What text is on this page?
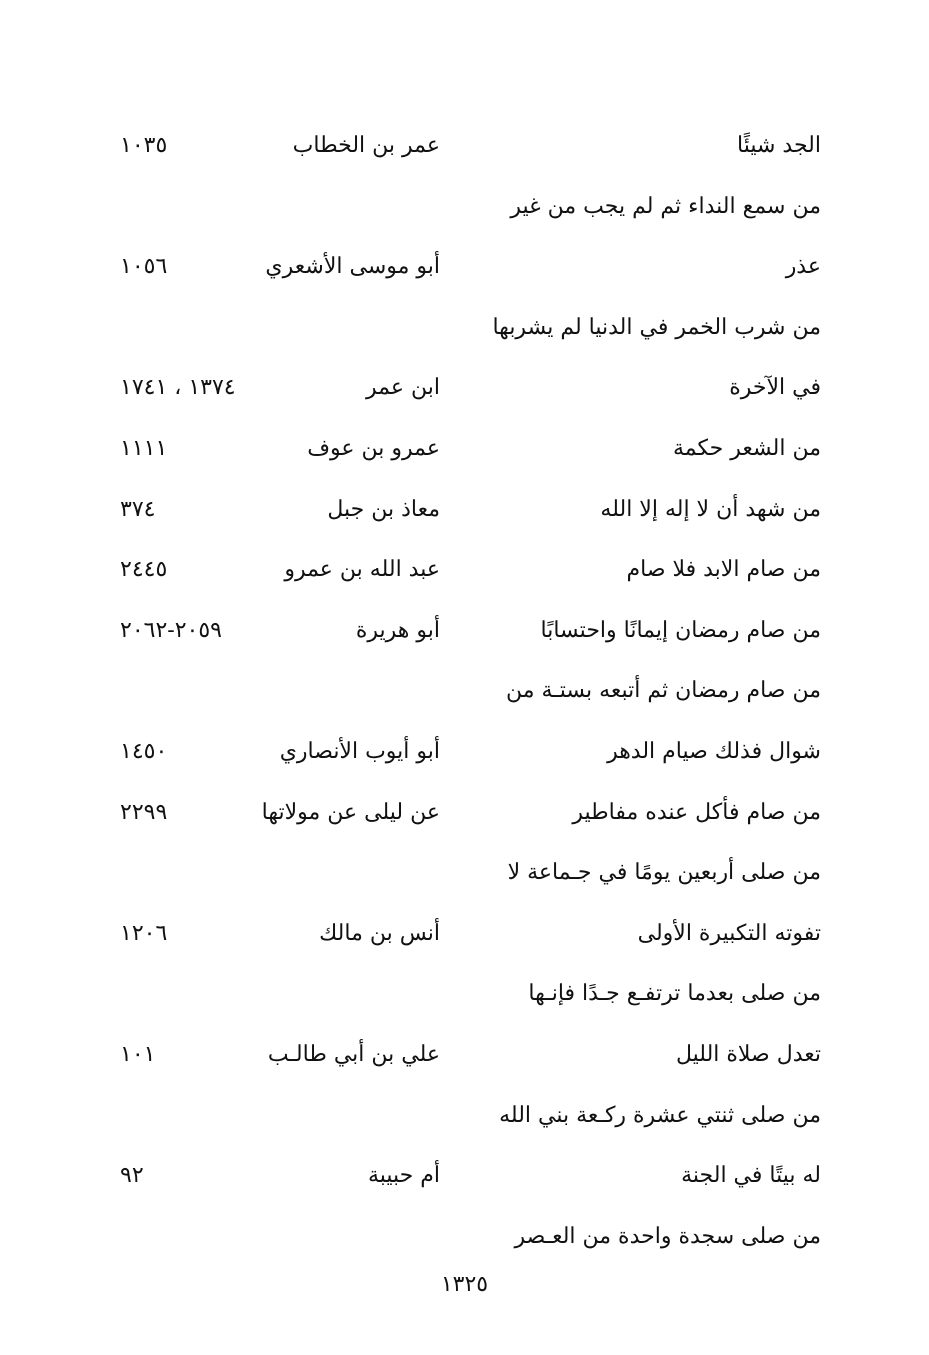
الجد شيئًا
عمر بن الخطاب
١٠٣٥
من سمع النداء ثم لم يجب من غير
عذر
أبو موسى الأشعري
١٠٥٦
من شرب الخمر في الدنيا لم يشربها
في الآخرة
ابن عمر
١٣٧٤ ، ١٧٤١
من الشعر حكمة
عمرو بن عوف
١١١١
من شهد أن لا إله إلا الله
معاذ بن جبل
٣٧٤
من صام الابد فلا صام
عبد الله بن عمرو
٢٤٤٥
من صام رمضان إيمانًا واحتسابًا
أبو هريرة
٢٠٥٩-٢٠٦٢
من صام رمضان ثم أتبعه بستـة من
شوال فذلك صيام الدهر
أبو أيوب الأنصاري
١٤٥٠
من صام فأكل عنده مفاطير
عن ليلى عن مولاتها
٢٢٩٩
من صلى أربعين يومًا في جـماعة لا
تفوته التكبيرة الأولى
أنس بن مالك
١٢٠٦
من صلى بعدما ترتفـع جـدًا فإنـها
تعدل صلاة الليل
علي بن أبي طالـب
١٠١
من صلى ثنتي عشرة ركـعة بني الله
له بيتًا في الجنة
أم حبيبة
٩٢
من صلى سجدة واحدة من العـصر
١٣٢٥
